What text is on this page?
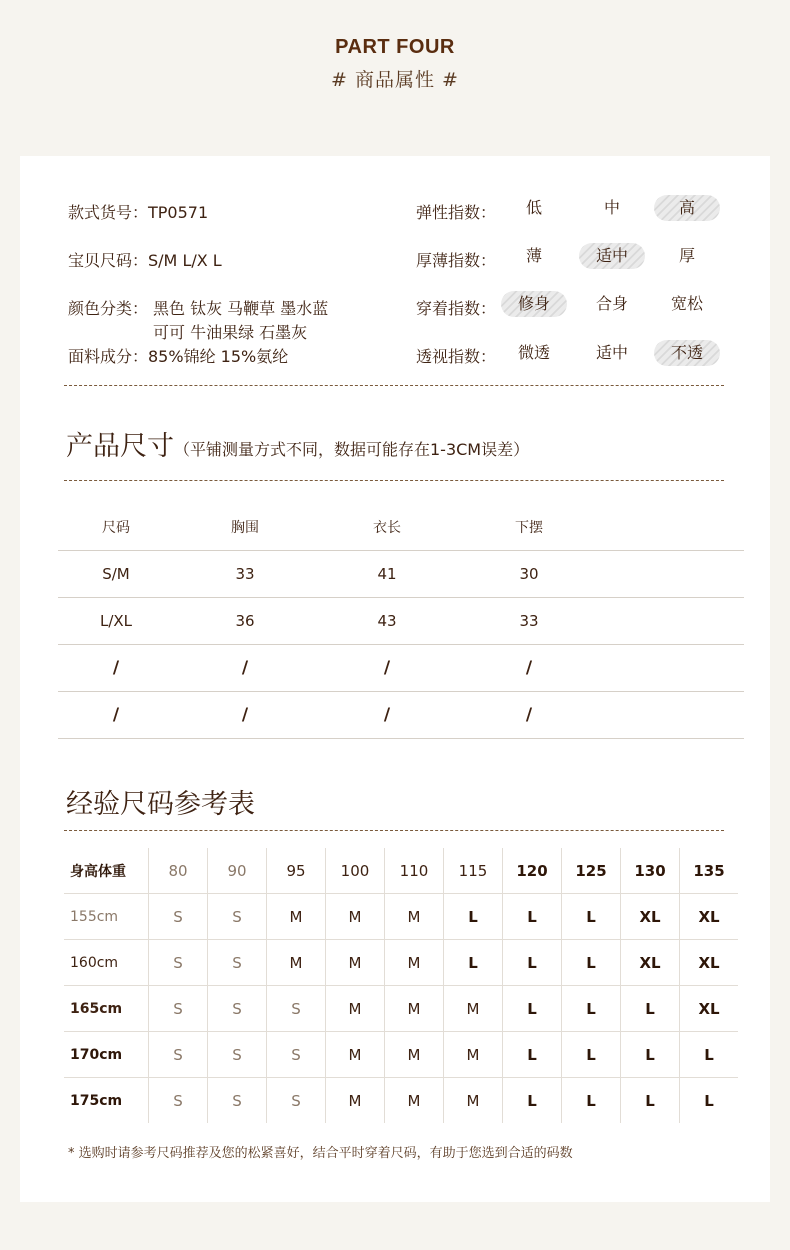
PART FOUR
# 商品属性 #
款式货号：TP0571
宝贝尺码：S/M L/X L
颜色分类： 黑色 钛灰 马鞭草 墨水蓝
可可 牛油果绿 石墨灰
面料成分：85%锦纶 15%氨纶
弹性指数：	低	中	高
厚薄指数：	薄	适中	厚
穿着指数：	修身	合身	宽松
透视指数：	微透	适中	不透
产品尺寸（平铺测量方式不同，数据可能存在1-3CM误差）
尺码	胸围	衣长	下摆	
S/M	33	41	30	
L/XL	36	43	33	
/	/	/	/	
/	/	/	/	
经验尺码参考表
身高体重	80	90	95	100	110	115	120	125	130	135
155cm	S	S	M	M	M	L	L	L	XL	XL
160cm	S	S	M	M	M	L	L	L	XL	XL
165cm	S	S	S	M	M	M	L	L	L	XL
170cm	S	S	S	M	M	M	L	L	L	L
175cm	S	S	S	M	M	M	L	L	L	L
* 选购时请参考尺码推荐及您的松紧喜好，结合平时穿着尺码，有助于您选到合适的码数
